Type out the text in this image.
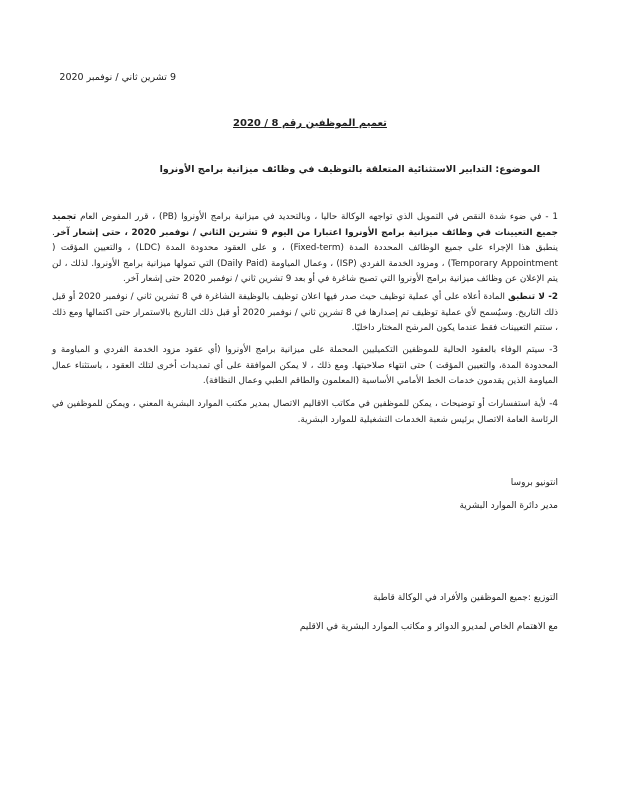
9 تشرين ثاني / نوفمبر 2020
تعميم الموظفين رقم 8 / 2020
الموضوع: التدابير الاستثنائية المتعلقة بالتوظيف في وظائف ميزانية برامج الأونروا
1 - في ضوء شدة النقص في التمويل الذي تواجهه الوكالة حاليا ، وبالتحديد في ميزانية برامج الأونروا (PB) ، قرر المفوض العام تجميد جميع التعيينات في وظائف ميزانية برامج الأونروا اعتبارا من اليوم 9 تشرين الثاني / نوفمبر 2020 ، حتى إشعار آخر. ينطبق هذا الإجراء على جميع الوظائف المحددة المدة (Fixed-term) ، و على العقود محدودة المدة (LDC) ، والتعيين المؤقت ( Temporary Appointment) ، ومزود الخدمة الفردي (ISP) ، وعمال المياومة (Daily Paid) التي تمولها ميزانية برامج الأونروا. لذلك ، لن يتم الإعلان عن وظائف ميزانية برامج الأونروا التي تصبح شاغرة في أو بعد 9 تشرين ثاني / نوفمبر 2020 حتى إشعار آخر.
2- لا تنطبق المادة أعلاه على أي عملية توظيف حيث صدر فيها اعلان توظيف بالوظيفة الشاغرة في 8 تشرين ثاني / نوفمبر 2020 أو قبل ذلك التاريخ. وسيُسمح لأي عملية توظيف تم إصدارها في 8 تشرين ثاني / نوفمبر 2020 أو قبل ذلك التاريخ بالاستمرار حتى اكتمالها ومع ذلك ، ستتم التعيينات فقط عندما يكون المرشح المختار داخليًا.
3- سيتم الوفاء بالعقود الحالية للموظفين التكميليين المحملة على ميزانية برامج الأونروا (أي عقود مزود الخدمة الفردي و المياومة و المحدودة المدة، والتعيين المؤقت ) حتى انتهاء صلاحيتها. ومع ذلك ، لا يمكن الموافقة على أي تمديدات أخرى لتلك العقود ، باستثناء عمال المياومة الذين يقدمون خدمات الخط الأمامي الأساسية (المعلمون والطاقم الطبي وعمال النظافة).
4- لأية استفسارات أو توضيحات ، يمكن للموظفين في مكاتب الاقاليم الاتصال بمدير مكتب الموارد البشرية المعني ، ويمكن للموظفين في الرئاسة العامة الاتصال برئيس شعبة الخدمات التشغيلية للموارد البشرية.
انتونيو بروسا
مدير دائرة الموارد البشرية
التوزيع :جميع الموظفين والأفراد في الوكالة قاطبة
مع الاهتمام الخاص لمديرو الدوائر و مكاتب الموارد البشرية في الاقليم
